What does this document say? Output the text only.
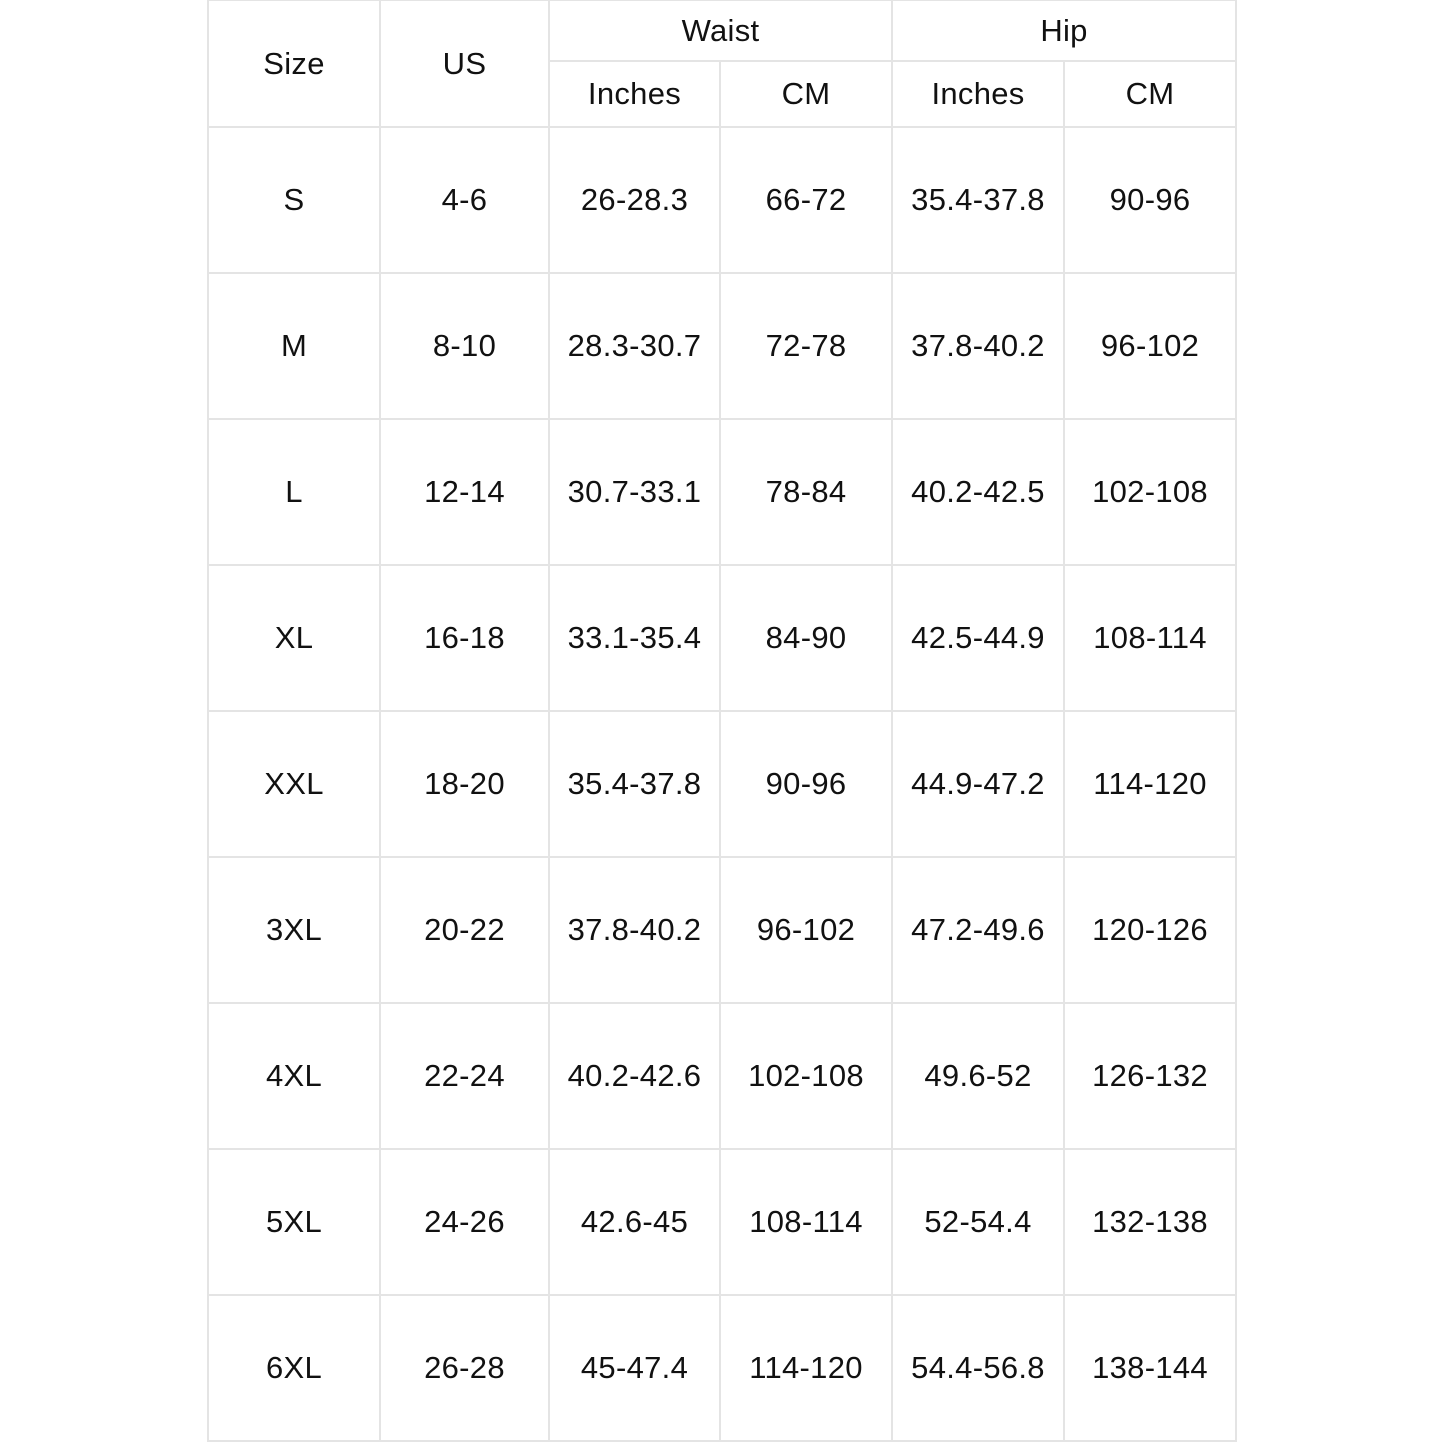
Size	US	Waist		Hip	
		Inches	CM	Inches	CM
S	4-6	26-28.3	66-72	35.4-37.8	90-96
M	8-10	28.3-30.7	72-78	37.8-40.2	96-102
L	12-14	30.7-33.1	78-84	40.2-42.5	102-108
XL	16-18	33.1-35.4	84-90	42.5-44.9	108-114
XXL	18-20	35.4-37.8	90-96	44.9-47.2	114-120
3XL	20-22	37.8-40.2	96-102	47.2-49.6	120-126
4XL	22-24	40.2-42.6	102-108	49.6-52	126-132
5XL	24-26	42.6-45	108-114	52-54.4	132-138
6XL	26-28	45-47.4	114-120	54.4-56.8	138-144
